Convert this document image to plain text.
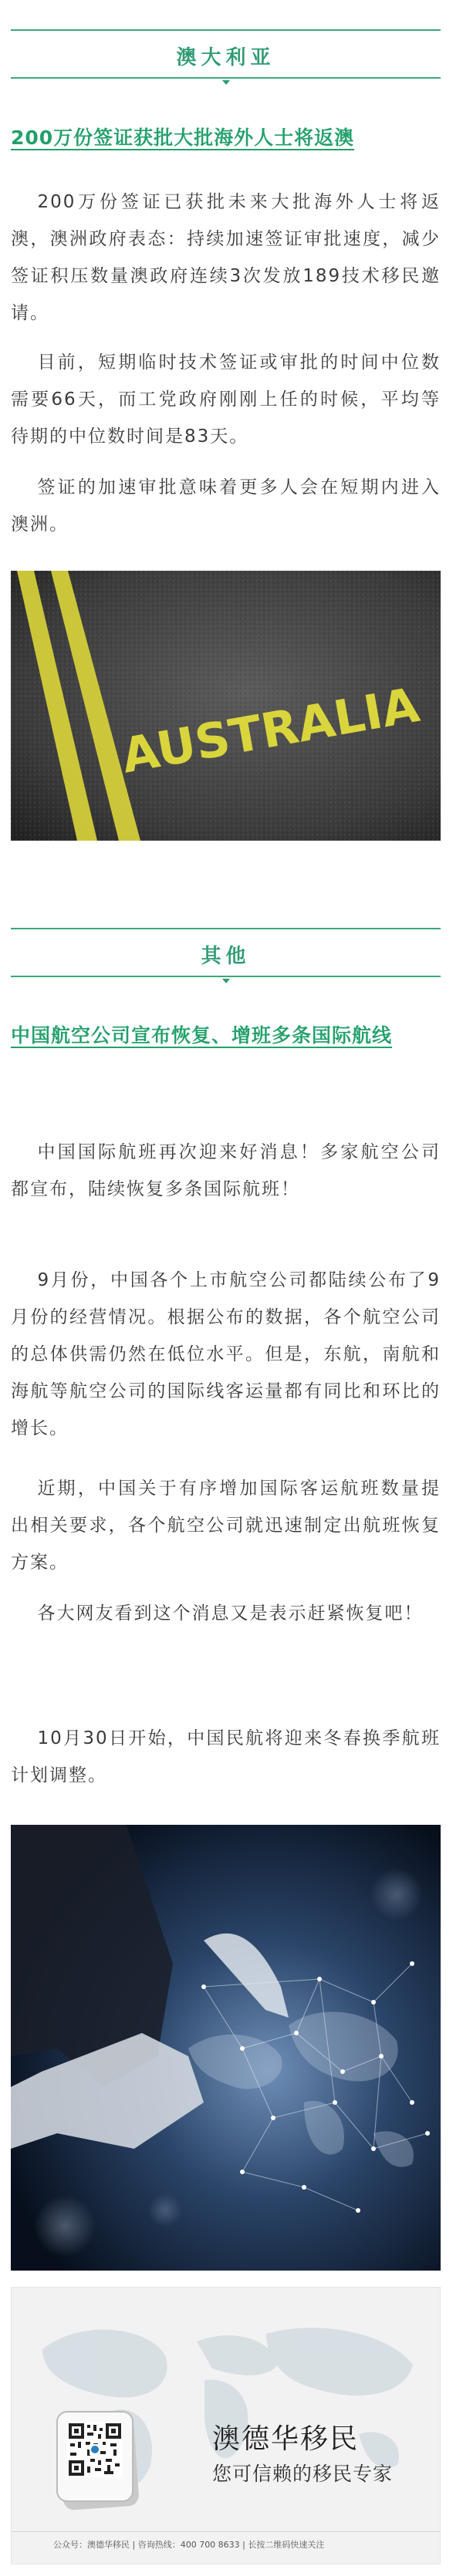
澳大利亚
200万份签证获批大批海外人士将返澳
200万份签证已获批未来大批海外人士将返澳，澳洲政府表态：持续加速签证审批速度，减少签证积压数量澳政府连续3次发放189技术移民邀请。
目前，短期临时技术签证或审批的时间中位数需要66天，而工党政府刚刚上任的时候，平均等待期的中位数时间是83天。
签证的加速审批意味着更多人会在短期内进入澳洲。
AUSTRALIA
其他
中国航空公司宣布恢复、增班多条国际航线
中国国际航班再次迎来好消息！多家航空公司都宣布，陆续恢复多条国际航班！
9月份，中国各个上市航空公司都陆续公布了9月份的经营情况。根据公布的数据，各个航空公司的总体供需仍然在低位水平。但是，东航，南航和海航等航空公司的国际线客运量都有同比和环比的增长。
近期，中国关于有序增加国际客运航班数量提出相关要求，各个航空公司就迅速制定出航班恢复方案。
各大网友看到这个消息又是表示赶紧恢复吧！
10月30日开始，中国民航将迎来冬春换季航班计划调整。
澳德华移民
您可信赖的移民专家
公众号：澳德华移民 | 咨询热线：400 700 8633 | 长按二维码快速关注
